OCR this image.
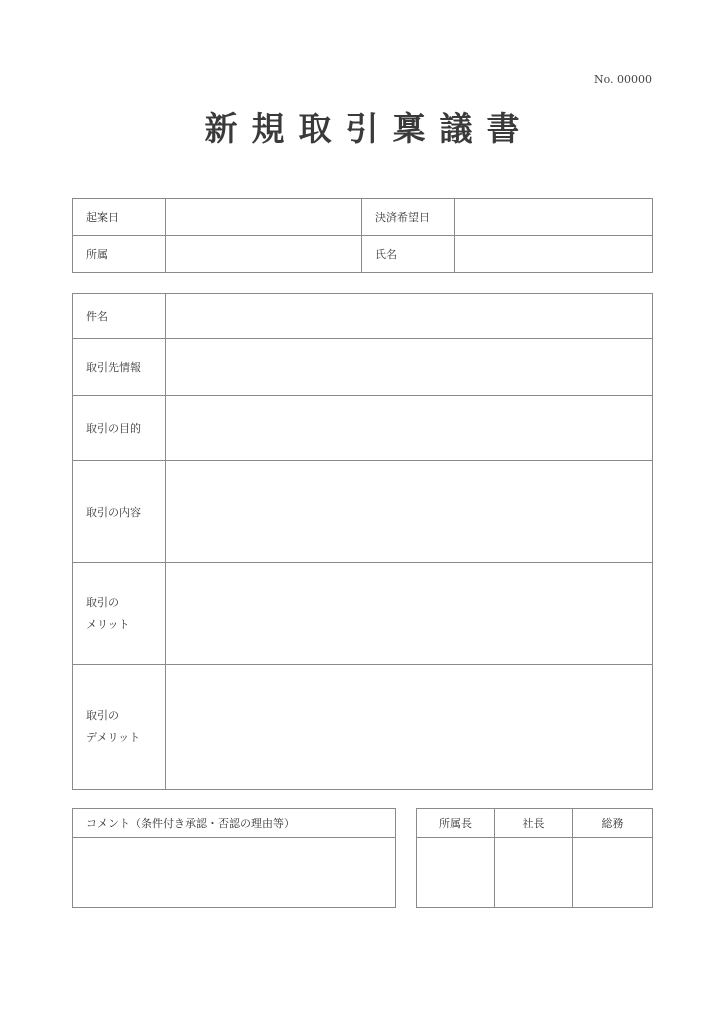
No. 00000
新規取引稟議書
起案日		決済希望日	
所属		氏名	
件名	
取引先情報	
取引の目的	
取引の内容	

取引の
メリット	

取引の
デメリット	

コメント（条件付き承認・否認の理由等）	所属長	社長	総務
